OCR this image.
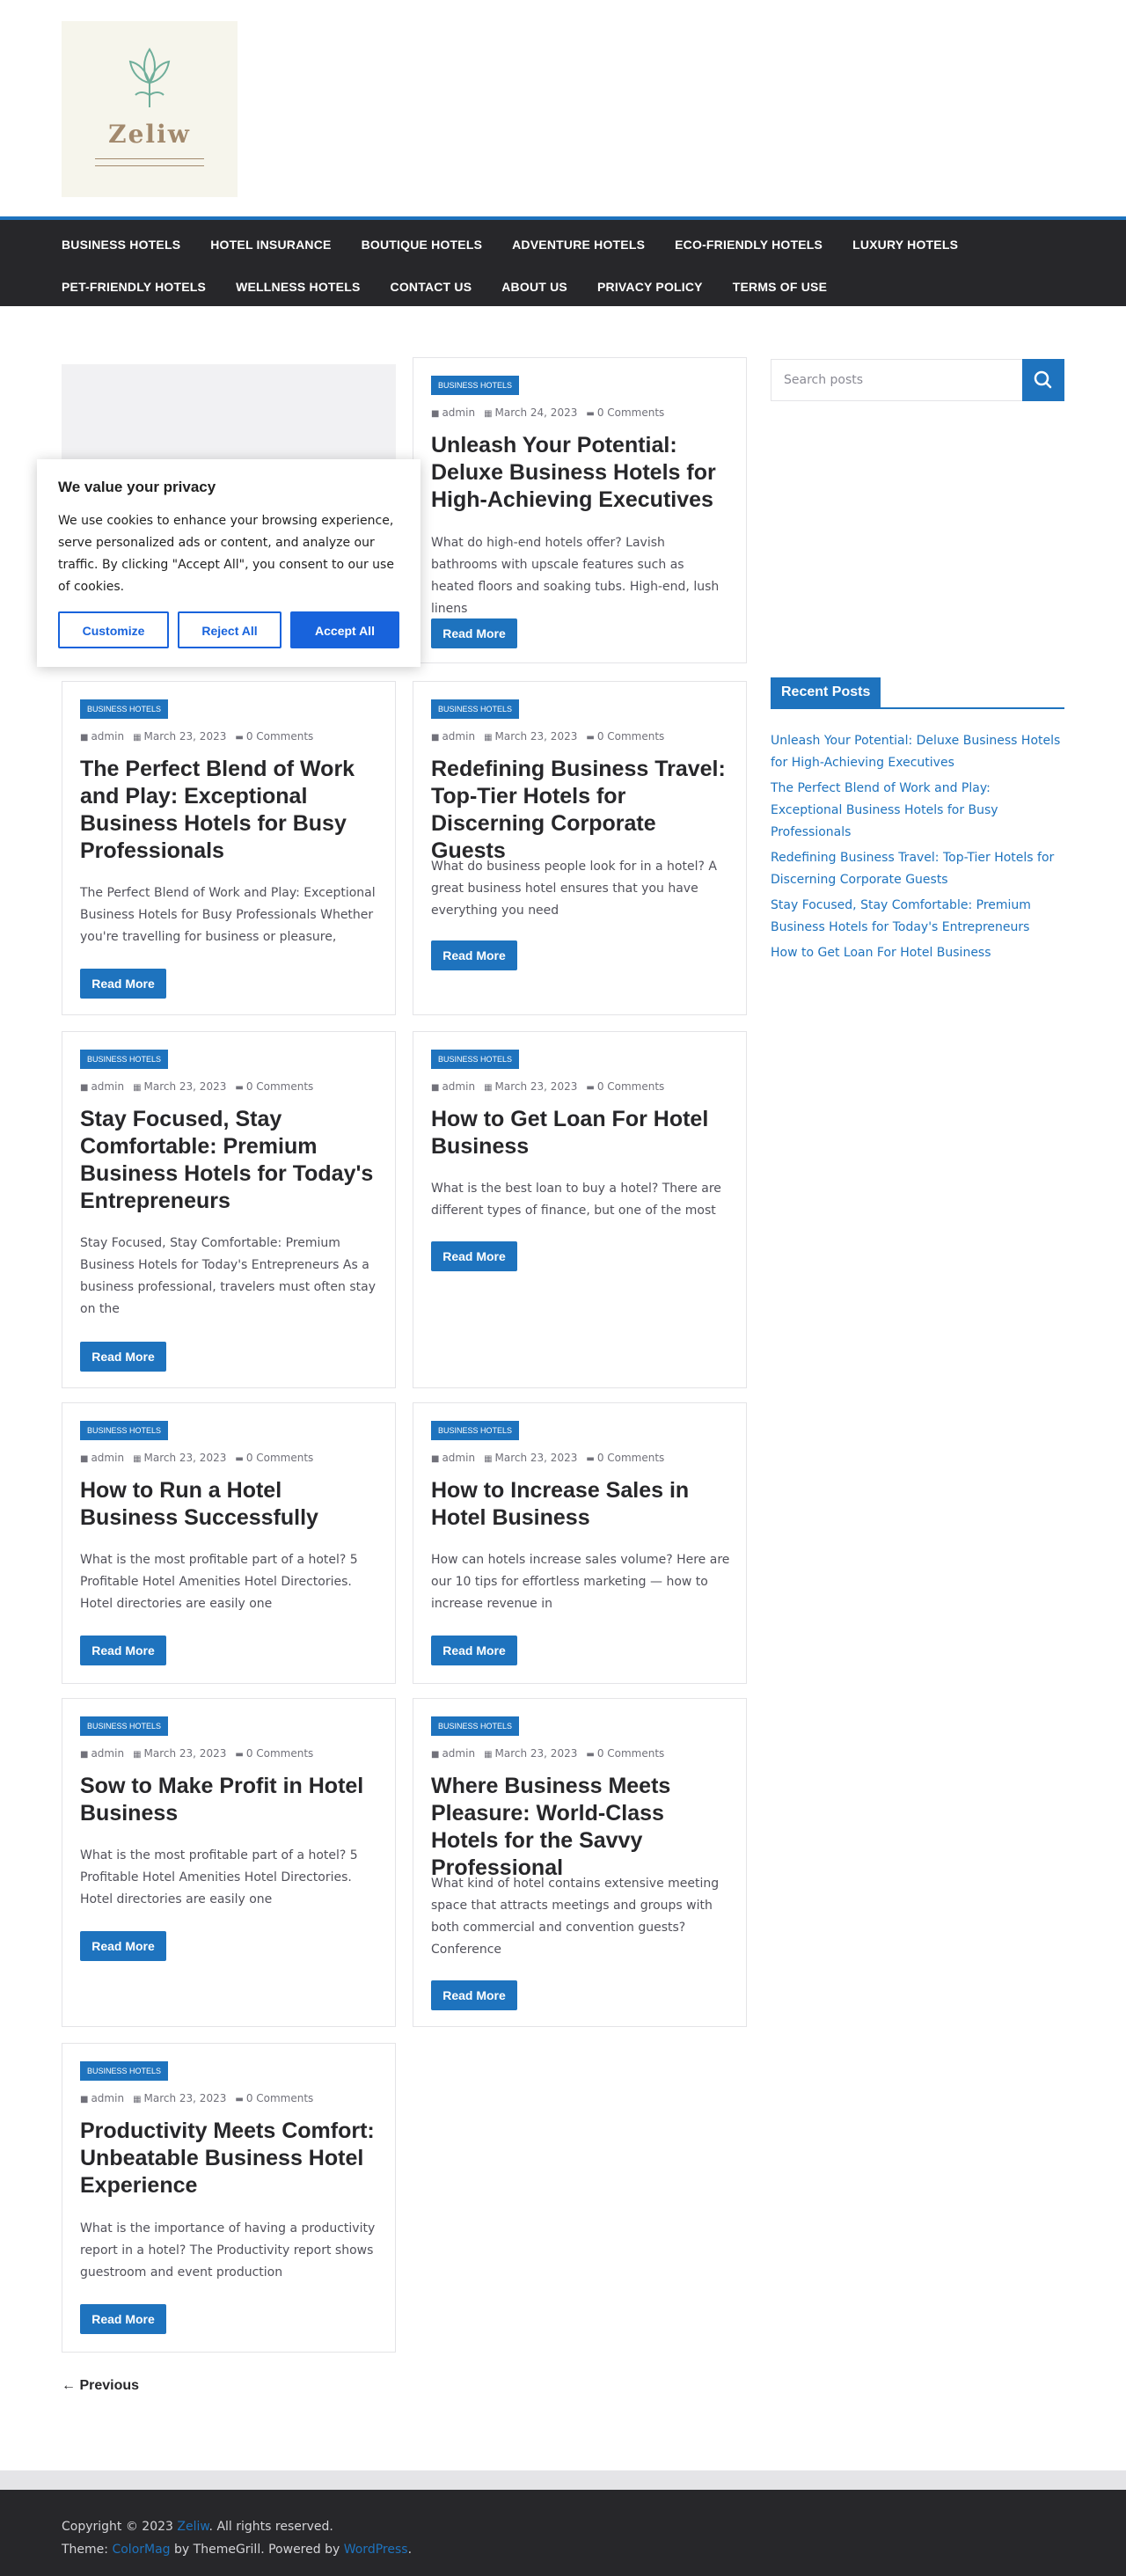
Zeliw
BUSINESS HOTELS HOTEL INSURANCE BOUTIQUE HOTELS ADVENTURE HOTELS ECO-FRIENDLY HOTELS LUXURY HOTELS
PET-FRIENDLY HOTELS WELLNESS HOTELS CONTACT US ABOUT US PRIVACY POLICY TERMS OF USE
BUSINESS HOTELS
■ admin ▦ March 24, 2023 ▬ 0 Comments
Unleash Your Potential: Deluxe Business Hotels for High-Achieving Executives

What do high-end hotels offer? Lavish bathrooms with upscale features such as heated floors and soaking tubs. High-end, lush linens

Read More
BUSINESS HOTELS
■ admin ▦ March 23, 2023 ▬ 0 Comments
The Perfect Blend of Work and Play: Exceptional Business Hotels for Busy Professionals

The Perfect Blend of Work and Play: Exceptional Business Hotels for Busy Professionals Whether you're travelling for business or pleasure,

Read More
BUSINESS HOTELS
■ admin ▦ March 23, 2023 ▬ 0 Comments
Redefining Business Travel: Top-Tier Hotels for Discerning Corporate Guests

What do business people look for in a hotel? A great business hotel ensures that you have everything you need

Read More
BUSINESS HOTELS
■ admin ▦ March 23, 2023 ▬ 0 Comments
Stay Focused, Stay Comfortable: Premium Business Hotels for Today's Entrepreneurs

Stay Focused, Stay Comfortable: Premium Business Hotels for Today's Entrepreneurs As a business professional, travelers must often stay on the

Read More
BUSINESS HOTELS
■ admin ▦ March 23, 2023 ▬ 0 Comments
How to Get Loan For Hotel Business

What is the best loan to buy a hotel? There are different types of finance, but one of the most

Read More
BUSINESS HOTELS
■ admin ▦ March 23, 2023 ▬ 0 Comments
How to Run a Hotel Business Successfully

What is the most profitable part of a hotel? 5 Profitable Hotel Amenities Hotel Directories. Hotel directories are easily one

Read More
BUSINESS HOTELS
■ admin ▦ March 23, 2023 ▬ 0 Comments
How to Increase Sales in Hotel Business

How can hotels increase sales volume? Here are our 10 tips for effortless marketing — how to increase revenue in

Read More
BUSINESS HOTELS
■ admin ▦ March 23, 2023 ▬ 0 Comments
Sow to Make Profit in Hotel Business

What is the most profitable part of a hotel? 5 Profitable Hotel Amenities Hotel Directories. Hotel directories are easily one

Read More
BUSINESS HOTELS
■ admin ▦ March 23, 2023 ▬ 0 Comments
Where Business Meets Pleasure: World-Class Hotels for the Savvy Professional

What kind of hotel contains extensive meeting space that attracts meetings and groups with both commercial and convention guests? Conference

Read More
BUSINESS HOTELS
■ admin ▦ March 23, 2023 ▬ 0 Comments
Productivity Meets Comfort: Unbeatable Business Hotel Experience

What is the importance of having a productivity report in a hotel? The Productivity report shows guestroom and event production

Read More
← Previous
Search posts
Recent Posts
Unleash Your Potential: Deluxe Business Hotels for High-Achieving Executives
The Perfect Blend of Work and Play: Exceptional Business Hotels for Busy Professionals
Redefining Business Travel: Top-Tier Hotels for Discerning Corporate Guests
Stay Focused, Stay Comfortable: Premium Business Hotels for Today's Entrepreneurs
How to Get Loan For Hotel Business
We value your privacy

We use cookies to enhance your browsing experience, serve personalized ads or content, and analyze our traffic. By clicking "Accept All", you consent to our use of cookies.

Customize	Reject All	Accept All
Copyright © 2023 Zeliw. All rights reserved.
Theme: ColorMag by ThemeGrill. Powered by WordPress.
